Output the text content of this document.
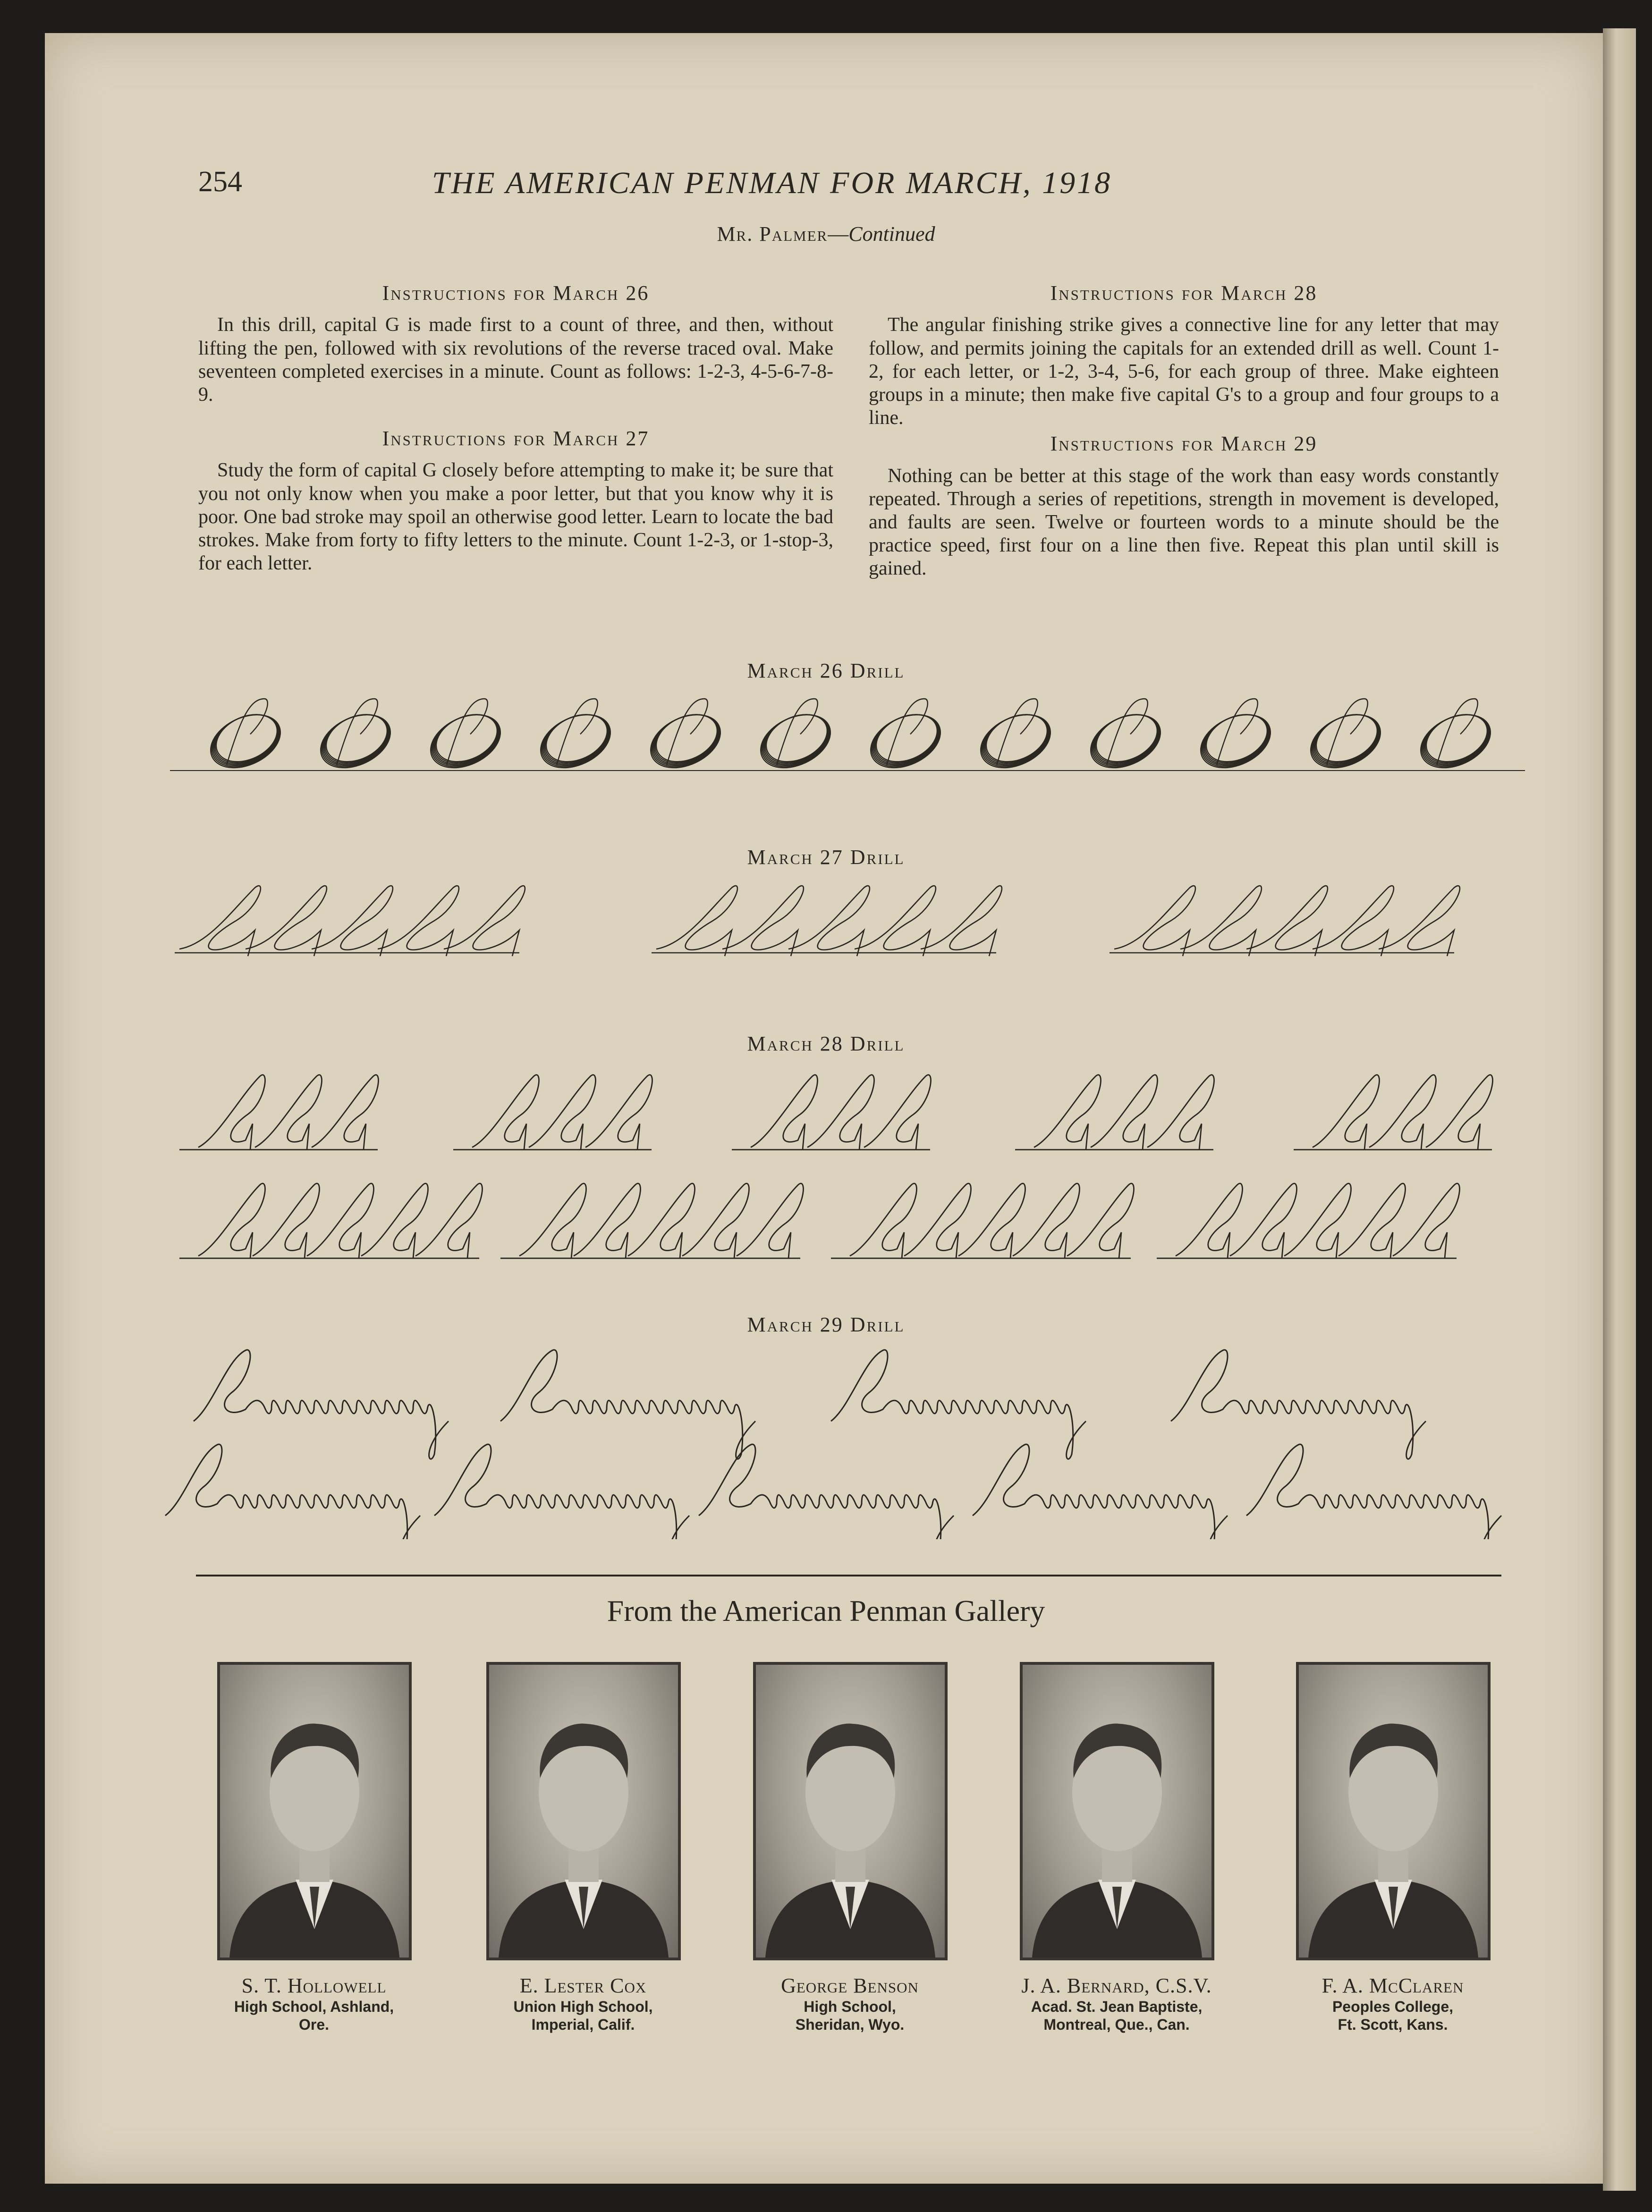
254	THE AMERICAN PENMAN FOR MARCH, 1918
Mr. Palmer—Continued
Instructions for March 26

In this drill, capital G is made first to a count of three, and then, without lifting the pen, followed with six revolutions of the reverse traced oval. Make seventeen completed exercises in a minute. Count as follows: 1-2-3, 4-5-6-7-8-9.

Instructions for March 27

Study the form of capital G closely before attempting to make it; be sure that you not only know when you make a poor letter, but that you know why it is poor. One bad stroke may spoil an otherwise good letter. Learn to locate the bad strokes. Make from forty to fifty letters to the minute. Count 1-2-3, or 1-stop-3, for each letter.

Instructions for March 28

The angular finishing strike gives a connective line for any letter that may follow, and permits joining the capitals for an extended drill as well. Count 1-2, for each letter, or 1-2, 3-4, 5-6, for each group of three. Make eighteen groups in a minute; then make five capital G's to a group and four groups to a line.

Instructions for March 29

Nothing can be better at this stage of the work than easy words constantly repeated. Through a series of repetitions, strength in movement is developed, and faults are seen. Twelve or fourteen words to a minute should be the practice speed, first four on a line then five. Repeat this plan until skill is gained.

March 26 Drill
March 27 Drill
March 28 Drill
March 29 Drill
From the American Penman Gallery
S. T. Hollowell
High School, Ashland,
Ore.
E. Lester Cox
Union High School,
Imperial, Calif.
George Benson
High School,
Sheridan, Wyo.
J. A. Bernard, C.S.V.
Acad. St. Jean Baptiste,
Montreal, Que., Can.
F. A. McClaren
Peoples College,
Ft. Scott, Kans.
